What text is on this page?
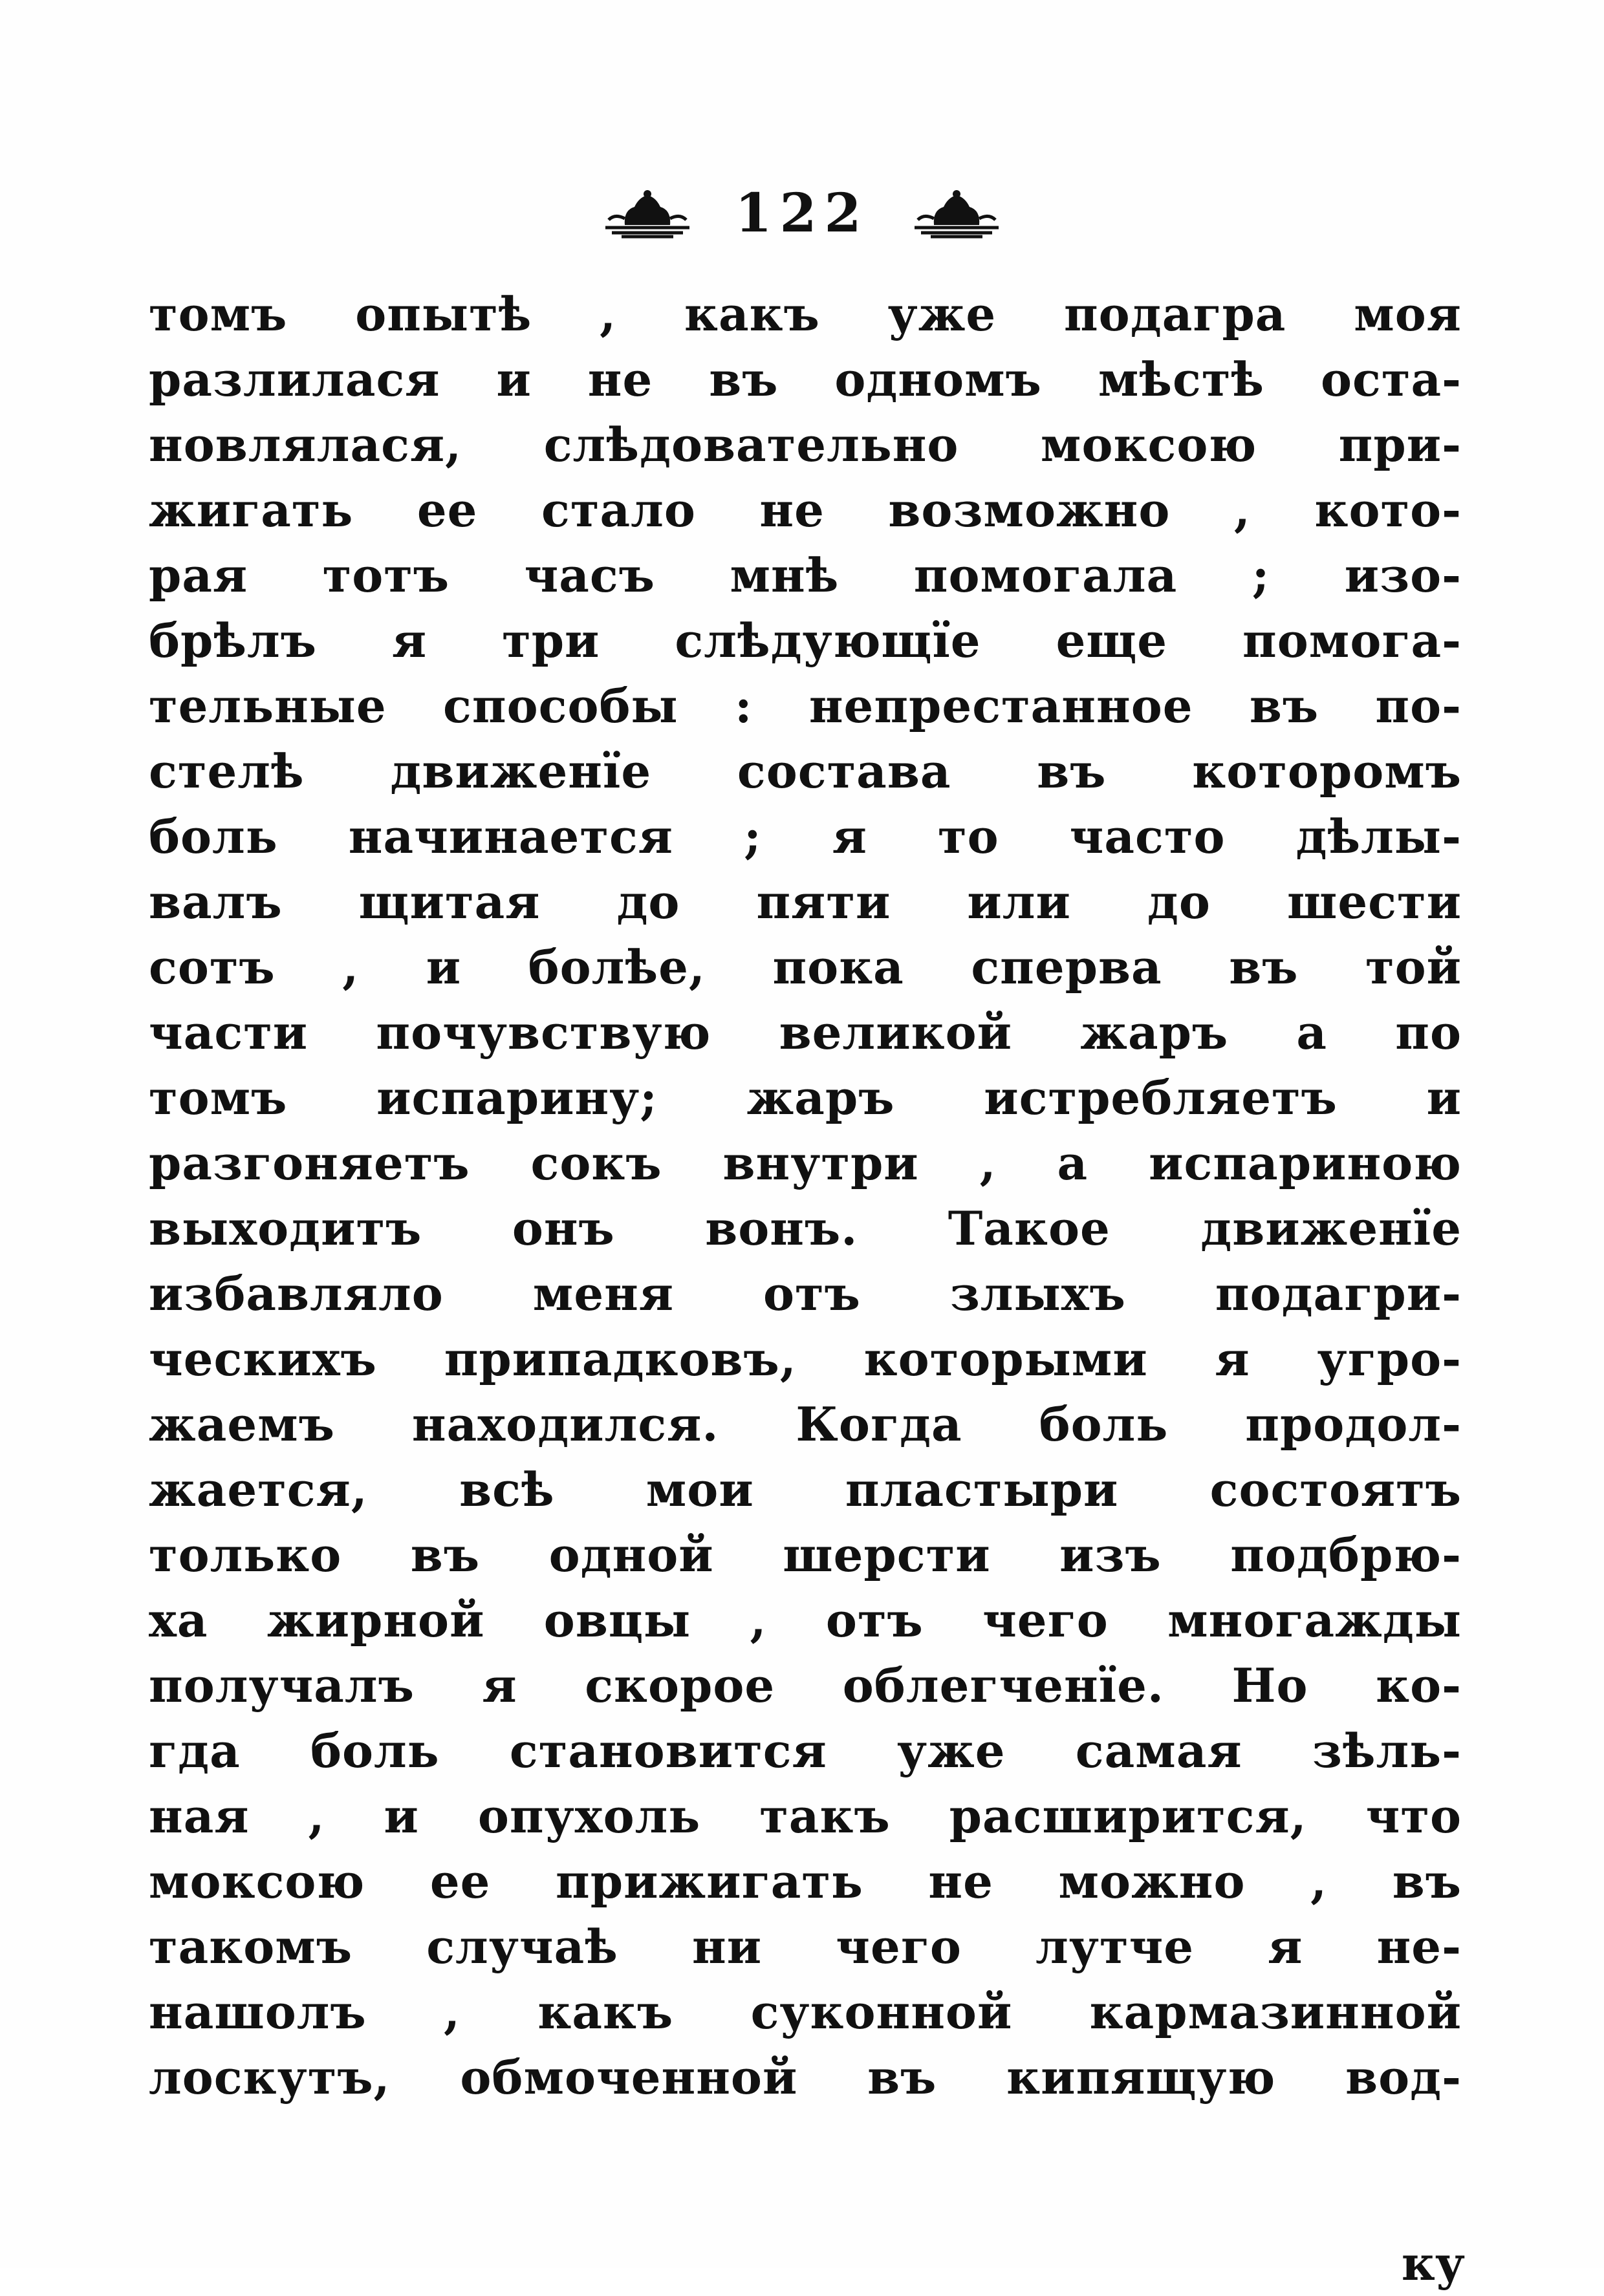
122
томъ опытѣ , какъ уже подагра моя
разлилася и не въ одномъ мѣстѣ оста-
новлялася, слѣдовательно моксою при-
жигать ее стало не возможно , кото-
рая тотъ часъ мнѣ помогала ; изо-
брѣлъ я три слѣдующїе еще помога-
тельные способы : непрестанное въ по-
стелѣ движенїе состава въ которомъ
боль начинается ; я то часто дѣлы-
валъ щитая до пяти или до шести
сотъ , и болѣе, пока сперва въ той
части почувствую великой жаръ а по
томъ испарину; жаръ истребляетъ и
разгоняетъ сокъ внутри , а испариною
выходитъ онъ вонъ. Такое движенїе
избавляло меня отъ злыхъ подагри-
ческихъ припадковъ, которыми я угро-
жаемъ находился. Когда боль продол-
жается, всѣ мои пластыри состоятъ
только въ одной шерсти изъ подбрю-
ха жирной овцы , отъ чего многажды
получалъ я скорое облегченїе. Но ко-
гда боль становится уже самая зѣль-
ная , и опухоль такъ расширится, что
моксою ее прижигать не можно , въ
такомъ случаѣ ни чего лутче я не-
нашолъ , какъ суконной кармазинной
лоскутъ, обмоченной въ кипящую вод-
ку
